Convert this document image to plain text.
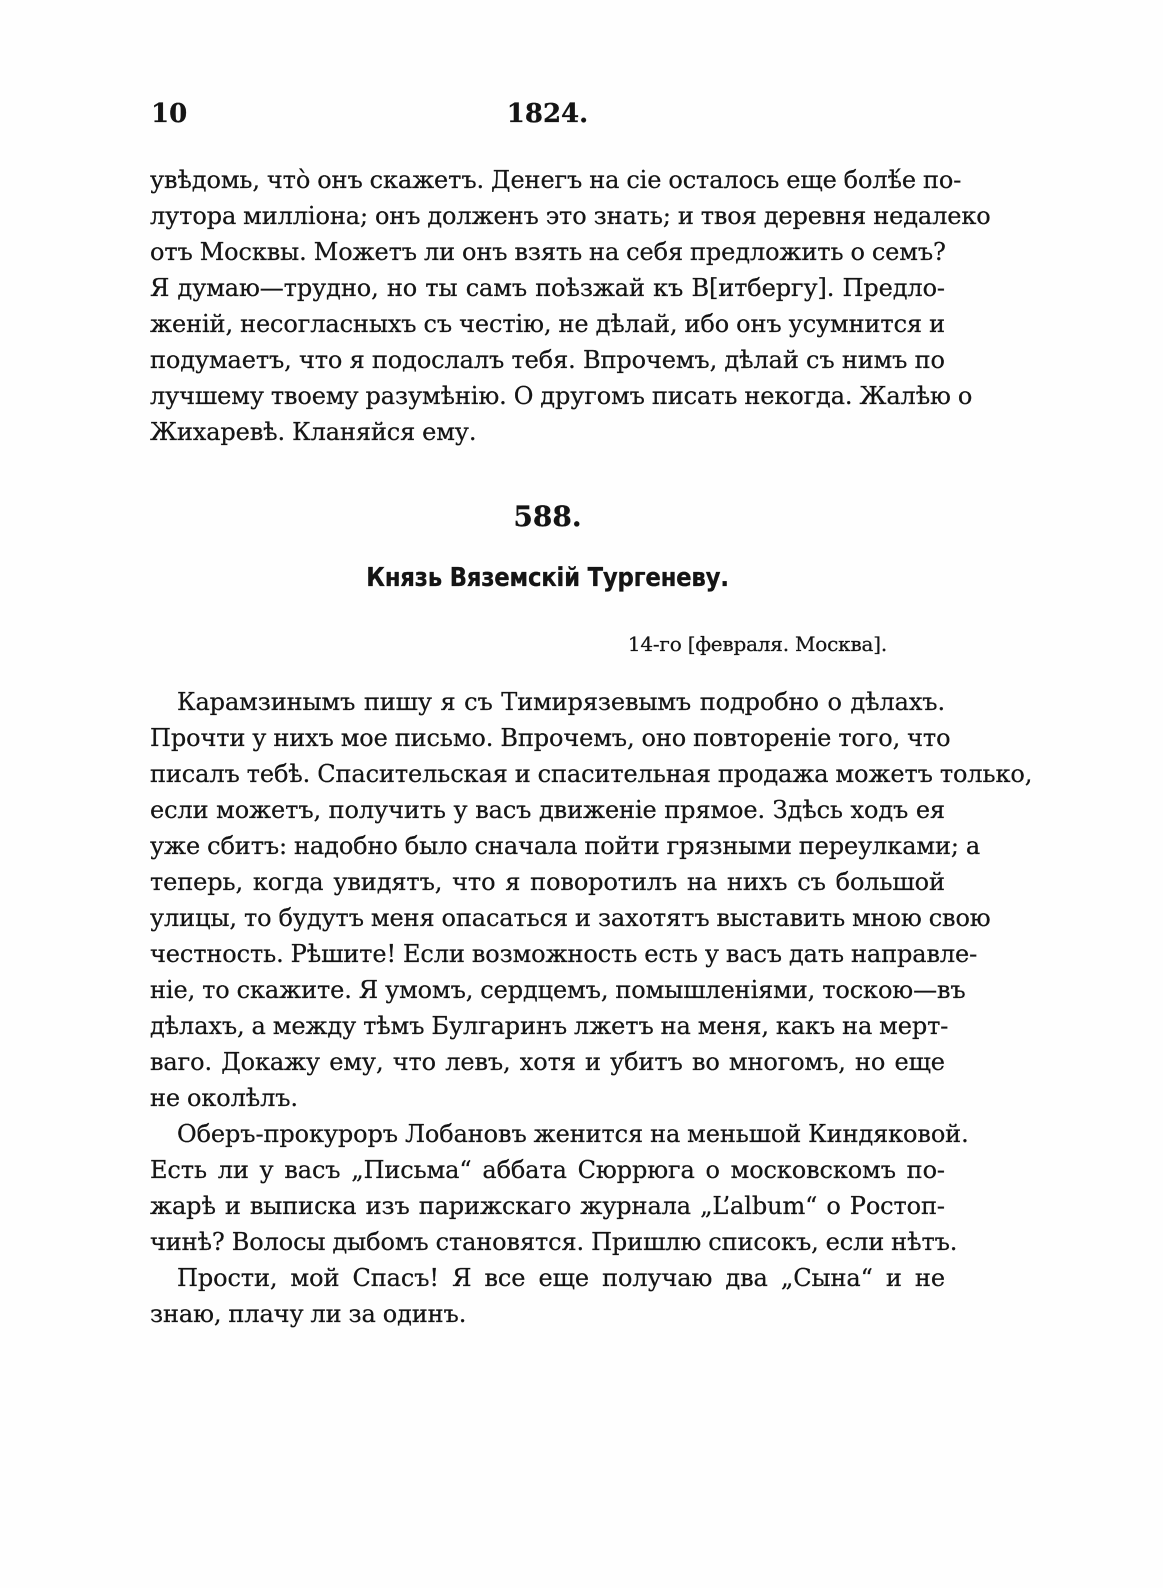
10	1824.
увѣдомь, что̀ онъ скажетъ. Денегъ на сіе осталось еще болѣ́е по-
лутора милліона; онъ долженъ это знать; и твоя деревня недалеко
отъ Москвы. Можетъ ли онъ взять на себя предложить о семъ?
Я думаю—трудно, но ты самъ поѣзжай къ В[итбергу]. Предло-
женій, несогласныхъ съ честію, не дѣлай, ибо онъ усумнится и
подумаетъ, что я подослалъ тебя. Впрочемъ, дѣлай съ нимъ по
лучшему твоему разумѣнію. О другомъ писать некогда. Жалѣю о
Жихаревѣ. Кланяйся ему.
588.
Князь Вяземскій Тургеневу.
14-го [февраля. Москва].
Карамзинымъ пишу я съ Тимирязевымъ подробно о дѣлахъ.
Прочти у нихъ мое письмо. Впрочемъ, оно повтореніе того, что
писалъ тебѣ. Спасительская и спасительная продажа можетъ только,
если можетъ, получить у васъ движеніе прямое. Здѣсь ходъ ея
уже сбитъ: надобно было сначала пойти грязными переулками; а
теперь, когда увидятъ, что я поворотилъ на нихъ съ большой
улицы, то будутъ меня опасаться и захотятъ выставить мною свою
честность. Рѣшите! Если возможность есть у васъ дать направле-
ніе, то скажите. Я умомъ, сердцемъ, помышленіями, тоскою—въ
дѣлахъ, а между тѣмъ Булгаринъ лжетъ на меня, какъ на мерт-
ваго. Докажу ему, что левъ, хотя и убитъ во многомъ, но еще
не околѣлъ.
Оберъ-прокуроръ Лобановъ женится на меньшой Киндяковой.
Есть ли у васъ „Письма“ аббата Сюррюга о московскомъ по-
жарѣ и выписка изъ парижскаго журнала „L’album“ о Ростоп-
чинѣ? Волосы дыбомъ становятся. Пришлю списокъ, если нѣтъ.
Прости, мой Спасъ! Я все еще получаю два „Сына“ и не
знаю, плачу ли за одинъ.
